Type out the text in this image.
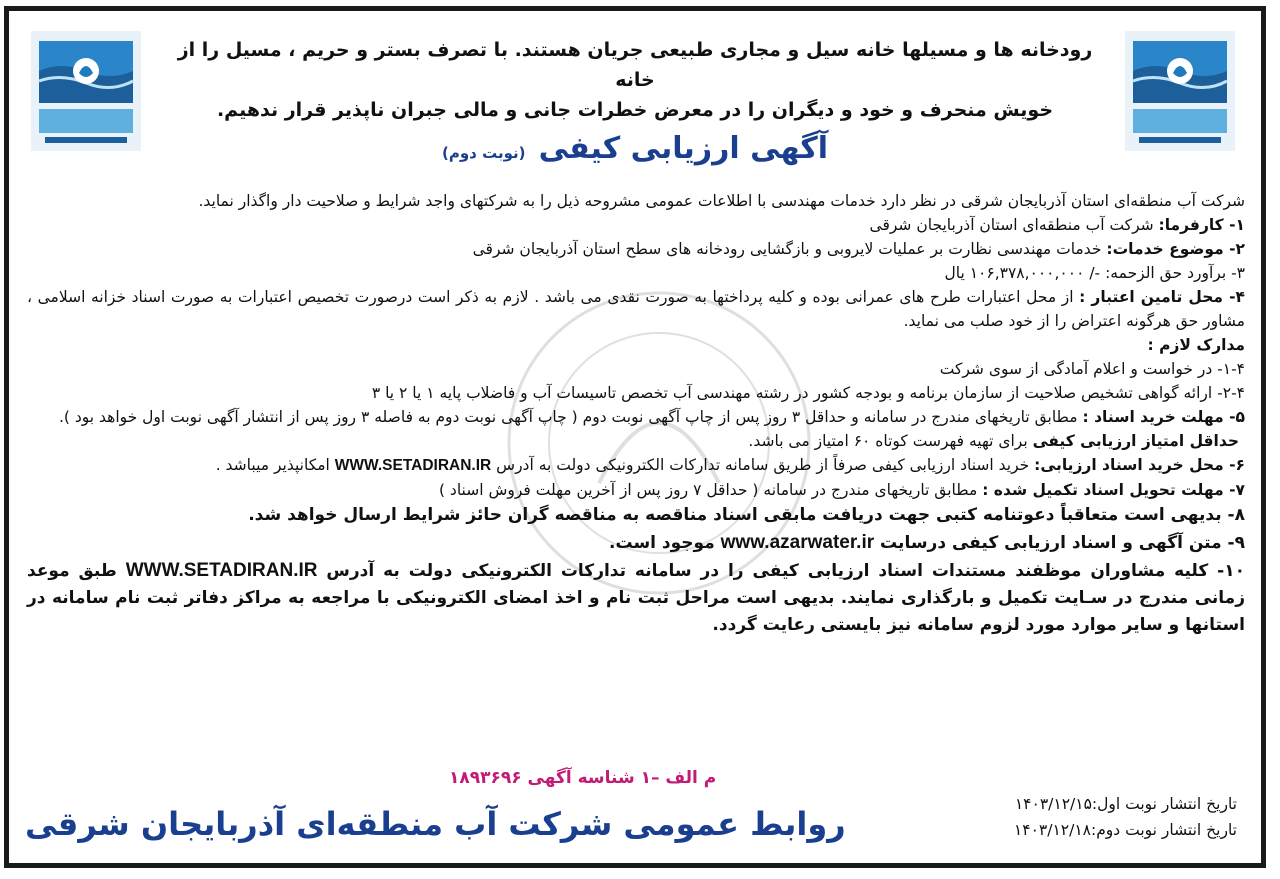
رودخانه ها و مسیلها خانه سیل و مجاری طبیعی جریان هستند. با تصرف بستر و حریم ، مسیل را از خانه

خویش منحرف و خود و دیگران را در معرض خطرات جانی و مالی جبران ناپذیر قرار ندهیم.

آگهی ارزیابی کیفی (نوبت دوم)

شرکت آب منطقه‌ای استان آذربایجان شرقی در نظر دارد خدمات مهندسی با اطلاعات عمومی مشروحه ذیل را به شرکتهای واجد شرایط و صلاحیت دار واگذار نماید.

۱- کارفرما: شرکت آب منطقه‌ای استان آذربایجان شرقی

۲- موضوع خدمات: خدمات مهندسی نظارت بر عملیات لایروبی و بازگشایی رودخانه های سطح استان آذربایجان شرقی

۳- برآورد حق الزحمه: -/ ۱۰۶,۳۷۸,۰۰۰,۰۰۰ یال

۴- محل تامین اعتبار : از محل اعتبارات طرح های عمرانی بوده و کلیه پرداختها به صورت نقدی می باشد . لازم به ذکر است درصورت تخصیص اعتبارات به صورت اسناد خزانه اسلامی ، مشاور حق هرگونه اعتراض را از خود صلب می نماید.

مدارک لازم :

۱-۴- در خواست و اعلام آمادگی از سوی شرکت

۲-۴- ارائه گواهی تشخیص صلاحیت از سازمان برنامه و بودجه کشور در رشته مهندسی آب تخصص تاسیسات آب و فاضلاب پایه ۱ یا ۲ یا ۳

۵- مهلت خرید اسناد : مطابق تاریخهای مندرج در سامانه و حداقل ۳ روز پس از چاپ آگهی نوبت دوم ( چاپ آگهی نوبت دوم به فاصله ۳ روز پس از انتشار آگهی نوبت اول خواهد بود ).

حداقل امتیاز ارزیابی کیفی برای تهیه فهرست کوتاه ۶۰ امتیاز می باشد.

۶- محل خرید اسناد ارزیابی: خرید اسناد ارزیابی کیفی صرفاً از طریق سامانه تدارکات الکترونیکی دولت به آدرس WWW.SETADIRAN.IR امکانپذیر میباشد .

۷- مهلت تحویل اسناد تکمیل شده : مطابق تاریخهای مندرج در سامانه ( حداقل ۷ روز پس از آخرین مهلت فروش اسناد )

۸- بدیهی است متعاقباً دعوتنامه کتبی جهت دریافت مابقی اسناد مناقصه به مناقصه گران حائز شرایط ارسال خواهد شد.

۹- متن آگهی و اسناد ارزیابی کیفی درسایت www.azarwater.ir موجود است.

۱۰- کلیه مشاوران موظفند مستندات اسناد ارزیابی کیفی را در سامانه تدارکات الکترونیکی دولت به آدرس WWW.SETADIRAN.IR طبق موعد زمانی مندرج در سـایت تکمیل و بارگذاری نمایند. بدیهی است مراحل ثبت نام و اخذ امضای الکترونیکی با مراجعه به مراکز دفاتر ثبت نام سامانه در استانها و سایر موارد مورد لزوم سامانه نیز بایستی رعایت گردد.

م الف –۱ شناسه آگهی ۱۸۹۳۶۹۶
تاریخ انتشار نوبت اول:۱۴۰۳/۱۲/۱۵
تاریخ انتشار نوبت دوم:۱۴۰۳/۱۲/۱۸
روابط عمومی شرکت آب منطقه‌ای آذربایجان شرقی
